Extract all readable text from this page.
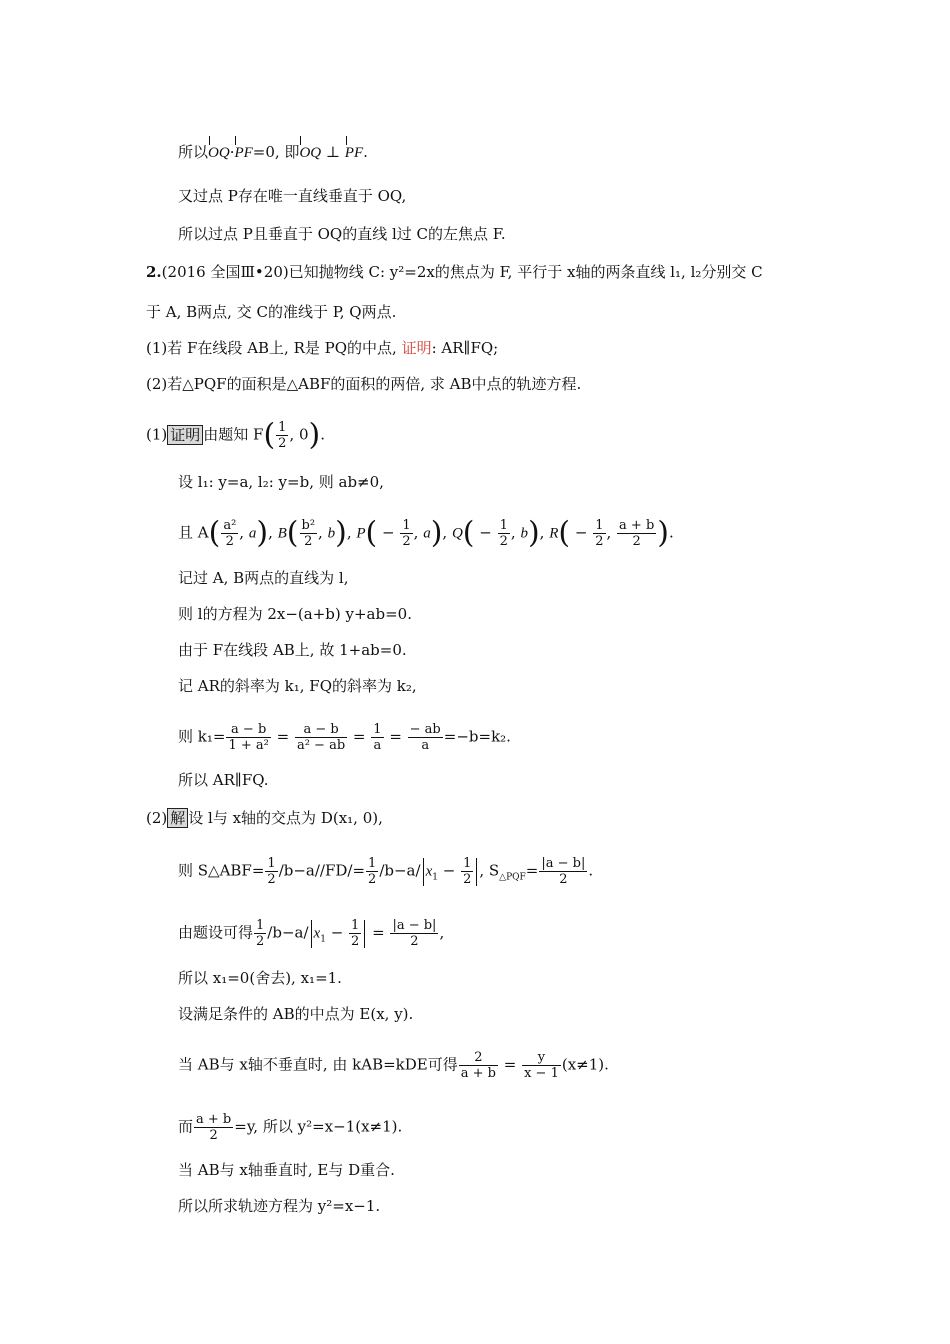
所以OQ·PF=0, 即OQ ⊥ PF.
又过点 P存在唯一直线垂直于 OQ,
所以过点 P且垂直于 OQ的直线 l过 C的左焦点 F.
2.(2016 全国Ⅲ•20)已知抛物线 C: y²=2x的焦点为 F, 平行于 x轴的两条直线 l₁, l₂分别交 C
于 A, B两点, 交 C的准线于 P, Q两点.
(1)若 F在线段 AB上, R是 PQ的中点, 证明: AR∥FQ;
(2)若△PQF的面积是△ABF的面积的两倍, 求 AB中点的轨迹方程.
(1) 证明 由题知 $F( \frac{1}{2}$ , 0).
设 l₁: y=a, l₂: y=b, 则 ab≠0,
且 $A( \frac{\text{a²}}{2}$ , a), $B( \frac{\text{b²}}{2}$ , b), $P( - \frac{1}{2}$ , a), $Q( - \frac{1}{2}$ , b), $R( - \frac{1}{2}$ , $\frac{a + b}{2}$ ).
记过 A, B两点的直线为 l,
则 l的方程为 2x−(a+b) y+ab=0.
由于 F在线段 AB上, 故 1+ab=0.
记 AR的斜率为 k₁, FQ的斜率为 k₂,
则 $k_1= \frac{a - b}{\text{1 + a²}} = \frac{a - b}{\text{a² − ab}} = \frac{1}{a} = \frac{- ab}{a} =-b=k_2$.
所以 AR∥FQ.
(2) 解 设 l与 x轴的交点为 D(x₁, 0),
则 S△ABF= $\frac{1}{2} /b-a//FD/= \frac{1}{2} /b-a/$ $x_1 - \frac{1}{2}$ , $S_{\triangle PQF}= \frac{|a - b|}{2}$ .
由题设可得 $\frac{1}{2} /b-a/$ $x_1 - \frac{1}{2} = \frac{|a - b|}{2}$ ,
所以 x₁=0(舍去), x₁=1.
设满足条件的 AB的中点为 E(x, y).
当 AB与 x轴不垂直时, 由 kAB=kDE可得 $\frac{2}{a + b} = \frac{y}{x - 1} (x\ne 1)$.
而 $\frac{a + b}{2} =y$, 所以 y²=x−1(x≠1).
当 AB与 x轴垂直时, E与 D重合.
所以所求轨迹方程为 y²=x−1.
